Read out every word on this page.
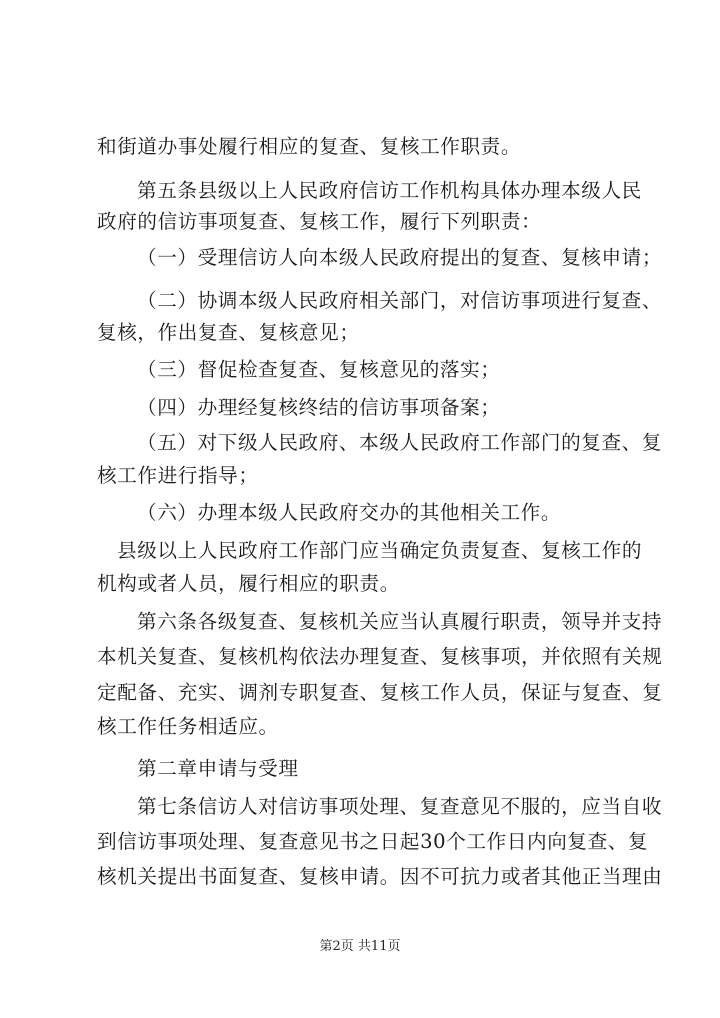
和街道办事处履行相应的复查、复核工作职责。
第五条县级以上人民政府信访工作机构具体办理本级人民
政府的信访事项复查、复核工作，履行下列职责：
（一）受理信访人向本级人民政府提出的复查、复核申请；
（二）协调本级人民政府相关部门，对信访事项进行复查、
复核，作出复查、复核意见；
（三）督促检查复查、复核意见的落实；
（四）办理经复核终结的信访事项备案；
（五）对下级人民政府、本级人民政府工作部门的复查、复
核工作进行指导；
（六）办理本级人民政府交办的其他相关工作。
县级以上人民政府工作部门应当确定负责复查、复核工作的
机构或者人员，履行相应的职责。
第六条各级复查、复核机关应当认真履行职责，领导并支持
本机关复查、复核机构依法办理复查、复核事项，并依照有关规
定配备、充实、调剂专职复查、复核工作人员，保证与复查、复
核工作任务相适应。
第二章申请与受理
第七条信访人对信访事项处理、复查意见不服的，应当自收
到信访事项处理、复查意见书之日起30个工作日内向复查、复
核机关提出书面复查、复核申请。因不可抗力或者其他正当理由
第2页 共11页
